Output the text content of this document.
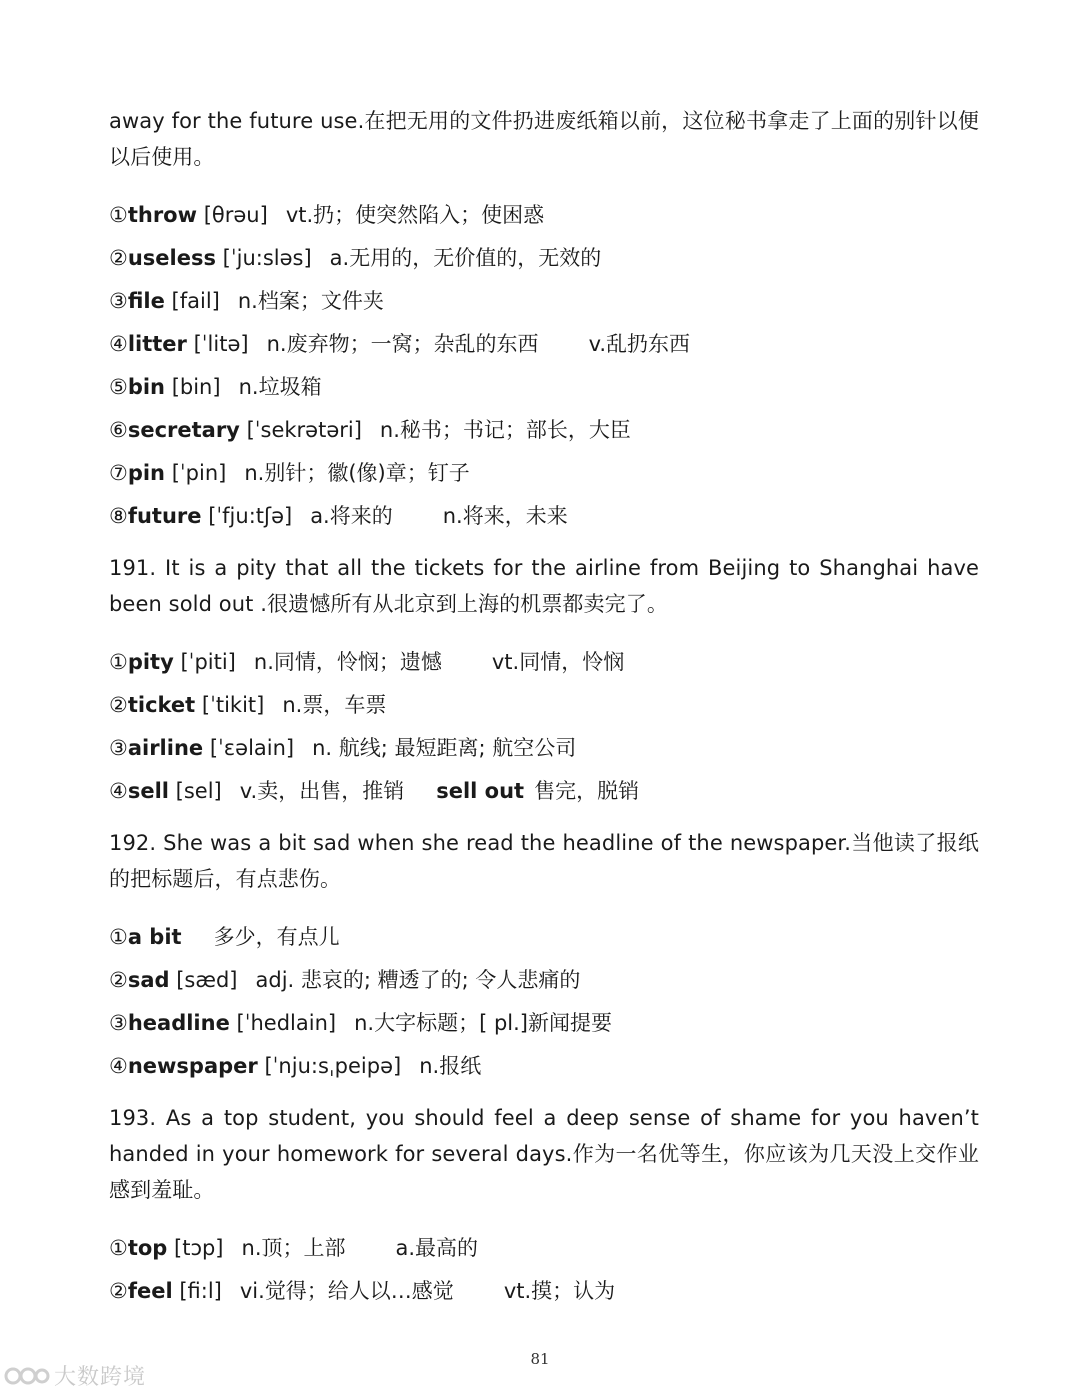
away for the future use.在把无用的文件扔进废纸箱以前，这位秘书拿走了上面的别针以便以后使用。

①throw [θrəu] vt.扔；使突然陷入；使困惑
②useless [ˈju:sləs] a.无用的，无价值的，无效的
③file [fail] n.档案；文件夹
④litter [ˈlitə] n.废弃物；一窝；杂乱的东西 v.乱扔东西
⑤bin [bin] n.垃圾箱
⑥secretary [ˈsekrətəri] n.秘书；书记；部长，大臣
⑦pin [ˈpin] n.别针；徽(像)章；钉子
⑧future [ˈfju:tʃə] a.将来的 n.将来，未来

191. It is a pity that all the tickets for the airline from Beijing to Shanghai have been sold out .很遗憾所有从北京到上海的机票都卖完了。

①pity [ˈpiti] n.同情，怜悯；遗憾 vt.同情，怜悯
②ticket [ˈtikit] n.票，车票
③airline [ˈɛəlain] n. 航线; 最短距离; 航空公司
④sell [sel] v.卖，出售，推销 sell out 售完，脱销

192. She was a bit sad when she read the headline of the newspaper.当他读了报纸的把标题后，有点悲伤。

①a bit 多少，有点儿
②sad [sæd] adj. 悲哀的; 糟透了的; 令人悲痛的
③headline [ˈhedlain] n.大字标题；[ pl.]新闻提要
④newspaper [ˈnju:sˌpeipə] n.报纸

193. As a top student, you should feel a deep sense of shame for you haven’t handed in your homework for several days.作为一名优等生，你应该为几天没上交作业感到羞耻。

①top [tɔp] n.顶；上部 a.最高的
②feel [fi:l] vi.觉得；给人以…感觉 vt.摸；认为
81
大数跨境
